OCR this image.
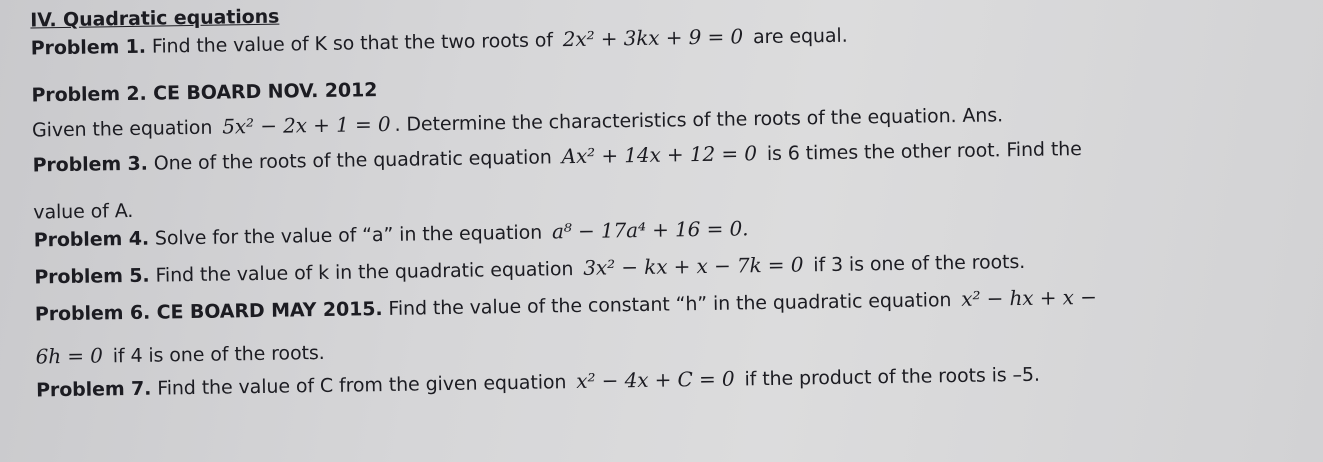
IV. Quadratic equations
Problem 1. Find the value of K so that the two roots of 2x² + 3kx + 9 = 0 are equal.
Problem 2. CE BOARD NOV. 2012
Given the equation 5x² − 2x + 1 = 0 . Determine the characteristics of the roots of the equation. Ans.
Problem 3. One of the roots of the quadratic equation Ax² + 14x + 12 = 0 is 6 times the other root. Find the
value of A.
Problem 4. Solve for the value of “a” in the equation a⁸ − 17a⁴ + 16 = 0.
Problem 5. Find the value of k in the quadratic equation 3x² − kx + x − 7k = 0 if 3 is one of the roots.
Problem 6. CE BOARD MAY 2015. Find the value of the constant “h” in the quadratic equation x² − hx + x −
6h = 0 if 4 is one of the roots.
Problem 7. Find the value of C from the given equation x² − 4x + C = 0 if the product of the roots is –5.
